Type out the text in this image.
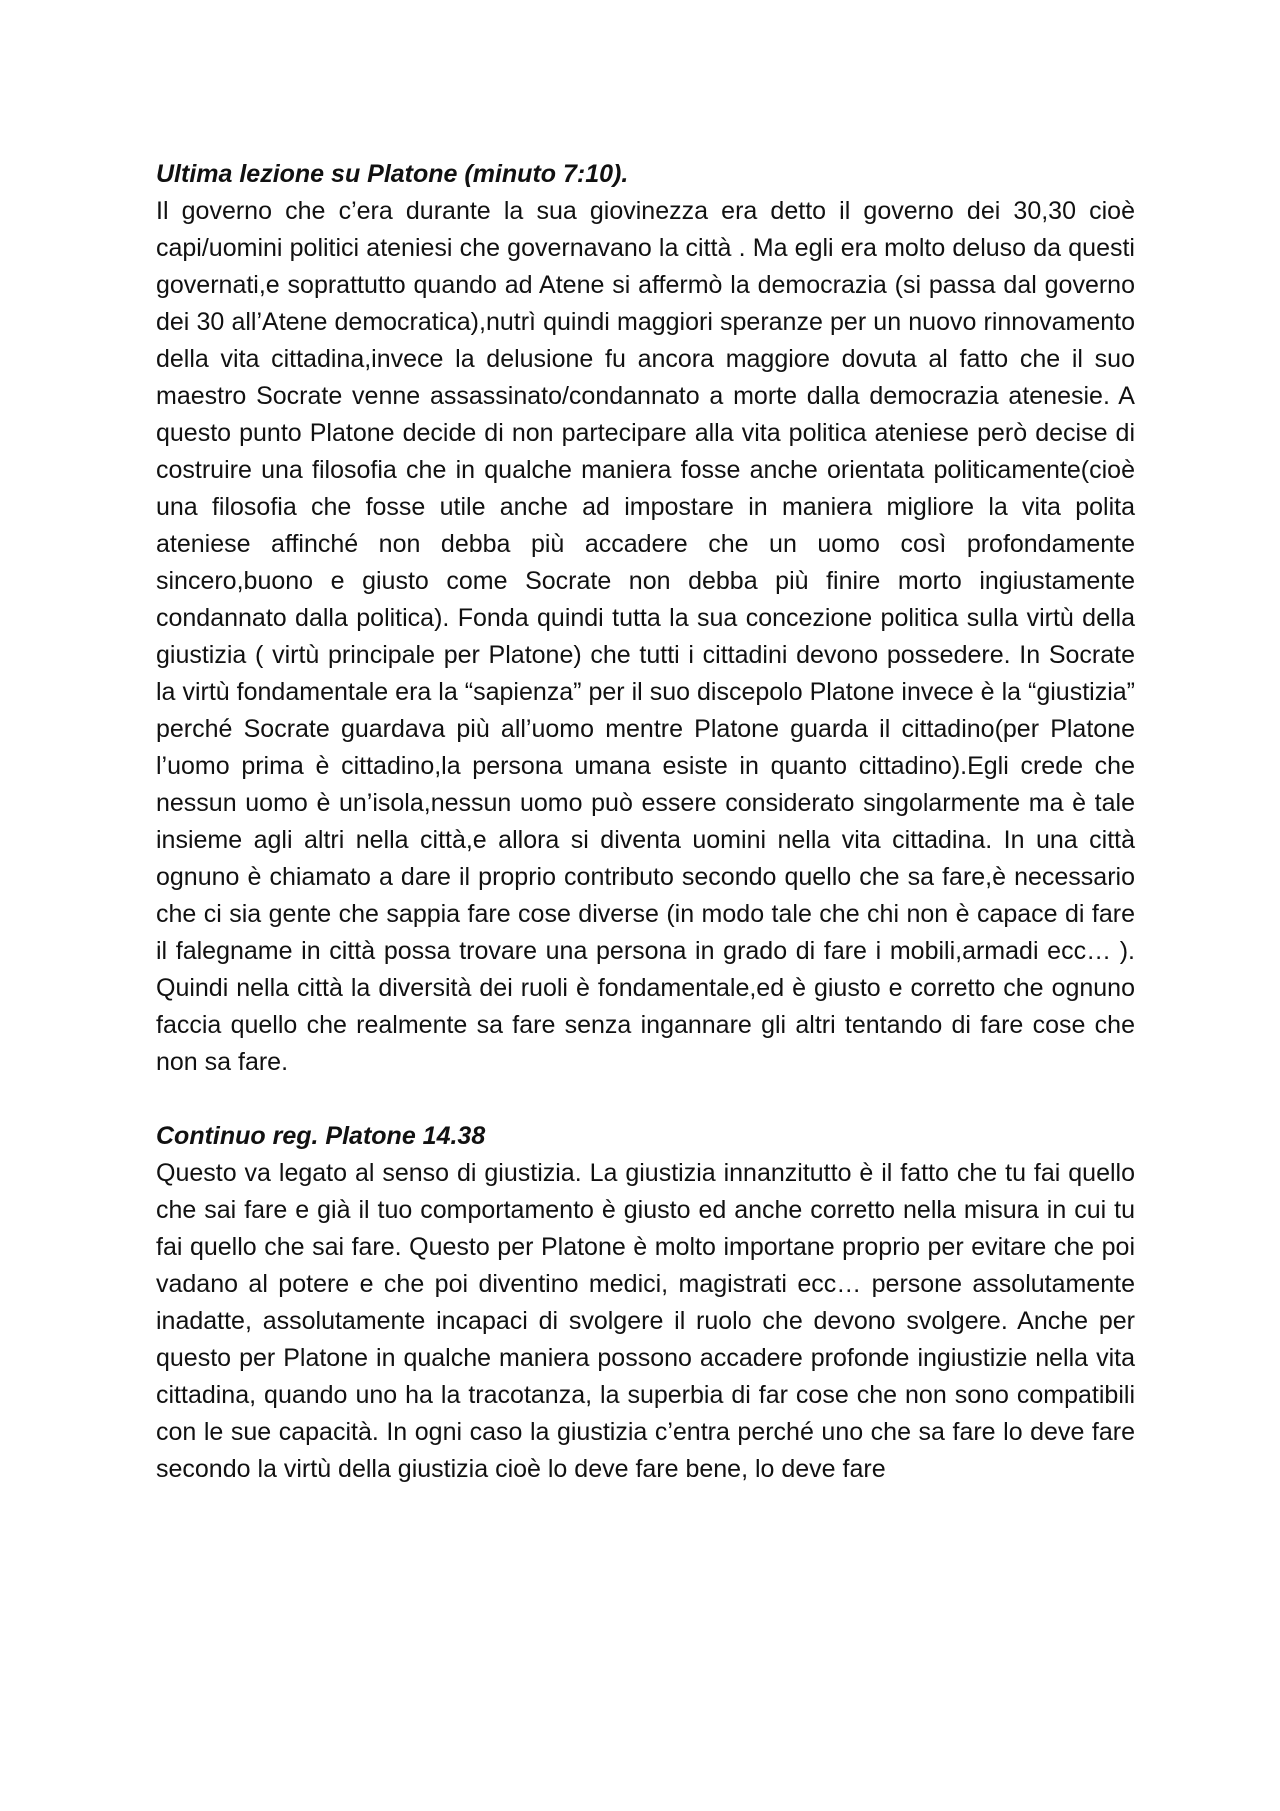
Ultima lezione su Platone (minuto 7:10).

Il governo che c’era durante la sua giovinezza era detto il governo dei 30,30 cioè capi/uomini politici ateniesi che governavano la città . Ma egli era molto deluso da questi governati,e soprattutto quando ad Atene si affermò la democrazia (si passa dal governo dei 30 all’Atene democratica),nutrì quindi maggiori speranze per un nuovo rinnovamento della vita cittadina,invece la delusione fu ancora maggiore dovuta al fatto che il suo maestro Socrate venne assassinato/condannato a morte dalla democrazia atenesie. A questo punto Platone decide di non partecipare alla vita politica ateniese però decise di costruire una filosofia che in qualche maniera fosse anche orientata politicamente(cioè una filosofia che fosse utile anche ad impostare in maniera migliore la vita polita ateniese affinché non debba più accadere che un uomo così profondamente sincero,buono e giusto come Socrate non debba più finire morto ingiustamente condannato dalla politica). Fonda quindi tutta la sua concezione politica sulla virtù della giustizia ( virtù principale per Platone) che tutti i cittadini devono possedere. In Socrate la virtù fondamentale era la “sapienza” per il suo discepolo Platone invece è la “giustizia” perché Socrate guardava più all’uomo mentre Platone guarda il cittadino(per Platone l’uomo prima è cittadino,la persona umana esiste in quanto cittadino).Egli crede che nessun uomo è un’isola,nessun uomo può essere considerato singolarmente ma è tale insieme agli altri nella città,e allora si diventa uomini nella vita cittadina. In una città ognuno è chiamato a dare il proprio contributo secondo quello che sa fare,è necessario che ci sia gente che sappia fare cose diverse (in modo tale che chi non è capace di fare il falegname in città possa trovare una persona in grado di fare i mobili,armadi ecc… ). Quindi nella città la diversità dei ruoli è fondamentale,ed è giusto e corretto che ognuno faccia quello che realmente sa fare senza ingannare gli altri tentando di fare cose che non sa fare.

Continuo reg. Platone 14.38

Questo va legato al senso di giustizia. La giustizia innanzitutto è il fatto che tu fai quello che sai fare e già il tuo comportamento è giusto ed anche corretto nella misura in cui tu fai quello che sai fare. Questo per Platone è molto importane proprio per evitare che poi vadano al potere e che poi diventino medici, magistrati ecc… persone assolutamente inadatte, assolutamente incapaci di svolgere il ruolo che devono svolgere. Anche per questo per Platone in qualche maniera possono accadere profonde ingiustizie nella vita cittadina, quando uno ha la tracotanza, la superbia di far cose che non sono compatibili con le sue capacità. In ogni caso la giustizia c’entra perché uno che sa fare lo deve fare secondo la virtù della giustizia cioè lo deve fare bene, lo deve fare
